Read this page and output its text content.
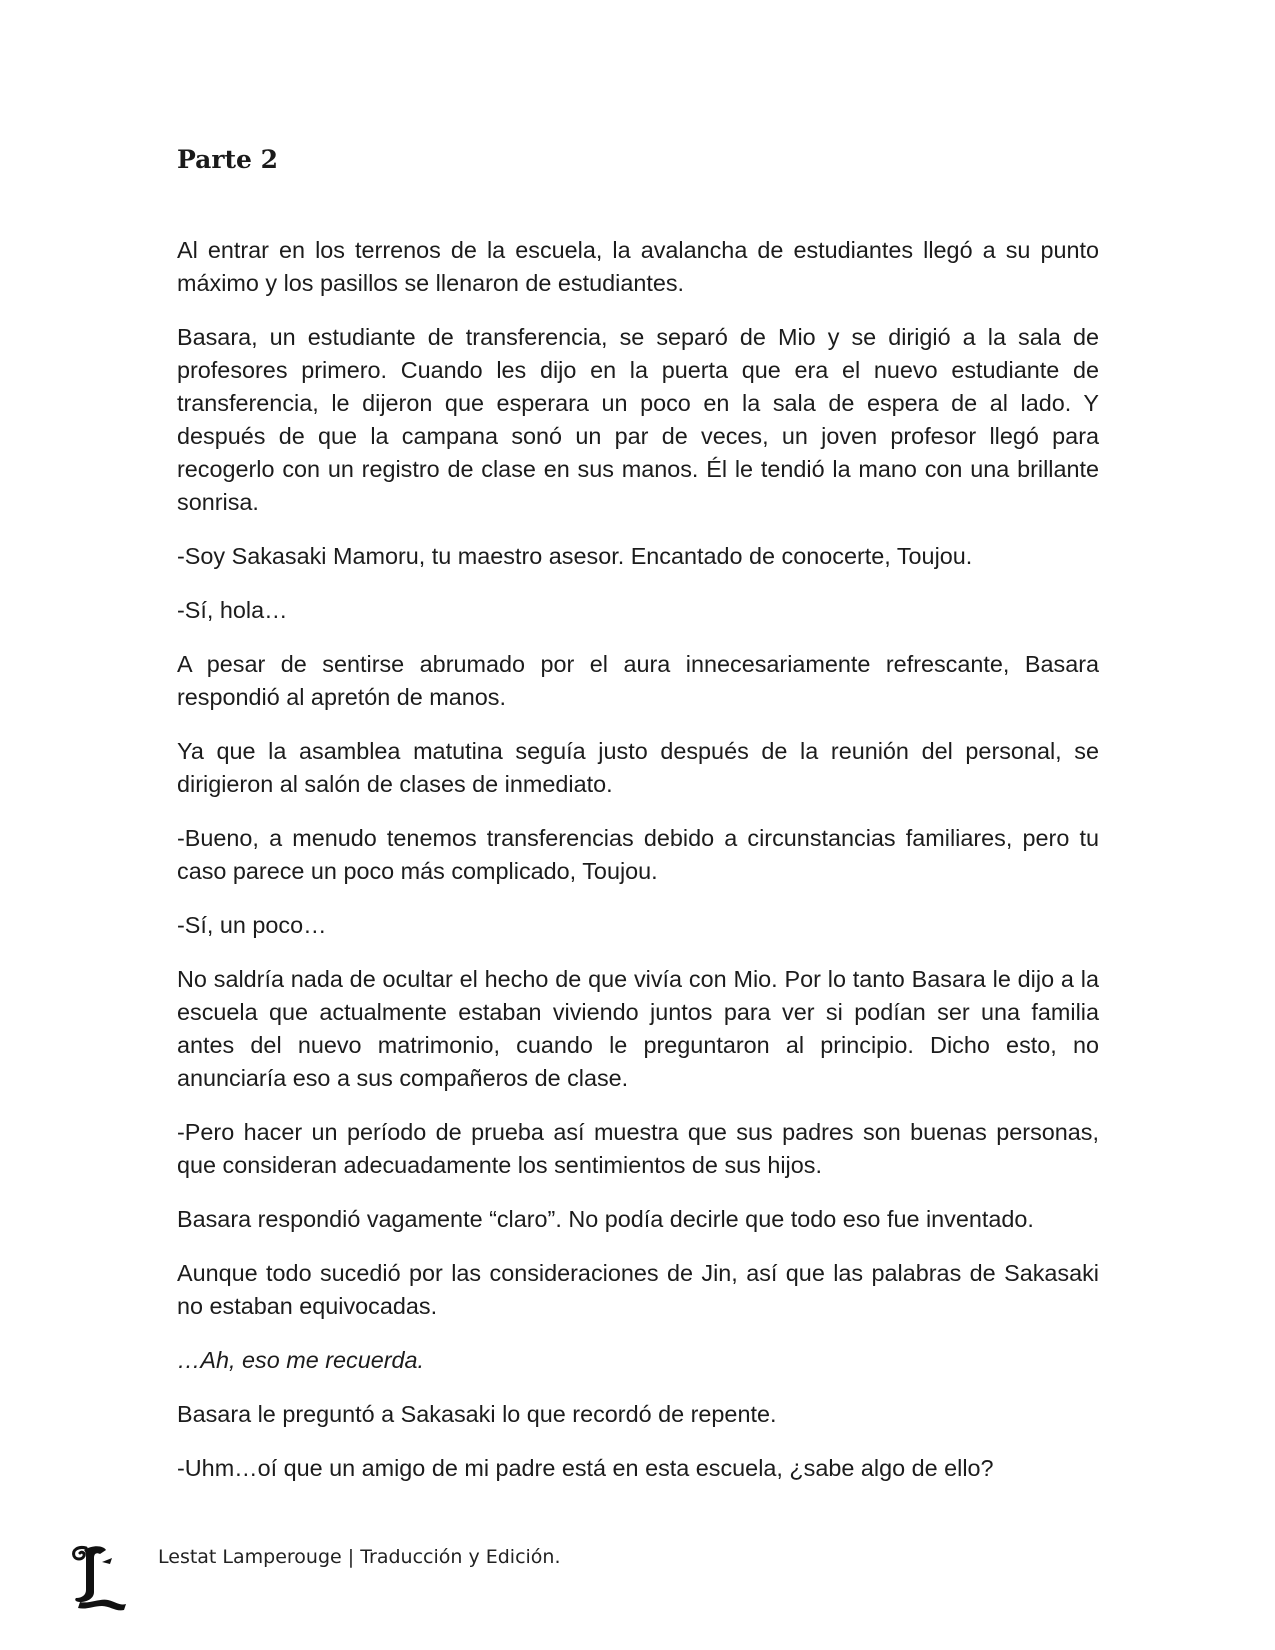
Parte 2

Al entrar en los terrenos de la escuela, la avalancha de estudiantes llegó a su punto máximo y los pasillos se llenaron de estudiantes.

Basara, un estudiante de transferencia, se separó de Mio y se dirigió a la sala de profesores primero. Cuando les dijo en la puerta que era el nuevo estudiante de transferencia, le dijeron que esperara un poco en la sala de espera de al lado. Y después de que la campana sonó un par de veces, un joven profesor llegó para recogerlo con un registro de clase en sus manos. Él le tendió la mano con una brillante sonrisa.

-Soy Sakasaki Mamoru, tu maestro asesor. Encantado de conocerte, Toujou.

-Sí, hola…

A pesar de sentirse abrumado por el aura innecesariamente refrescante, Basara respondió al apretón de manos.

Ya que la asamblea matutina seguía justo después de la reunión del personal, se dirigieron al salón de clases de inmediato.

-Bueno, a menudo tenemos transferencias debido a circunstancias familiares, pero tu caso parece un poco más complicado, Toujou.

-Sí, un poco…

No saldría nada de ocultar el hecho de que vivía con Mio. Por lo tanto Basara le dijo a la escuela que actualmente estaban viviendo juntos para ver si podían ser una familia antes del nuevo matrimonio, cuando le preguntaron al principio. Dicho esto, no anunciaría eso a sus compañeros de clase.

-Pero hacer un período de prueba así muestra que sus padres son buenas personas, que consideran adecuadamente los sentimientos de sus hijos.

Basara respondió vagamente “claro”. No podía decirle que todo eso fue inventado.

Aunque todo sucedió por las consideraciones de Jin, así que las palabras de Sakasaki no estaban equivocadas.

…Ah, eso me recuerda.

Basara le preguntó a Sakasaki lo que recordó de repente.

-Uhm…oí que un amigo de mi padre está en esta escuela, ¿sabe algo de ello?

Lestat Lamperouge | Traducción y Edición.
